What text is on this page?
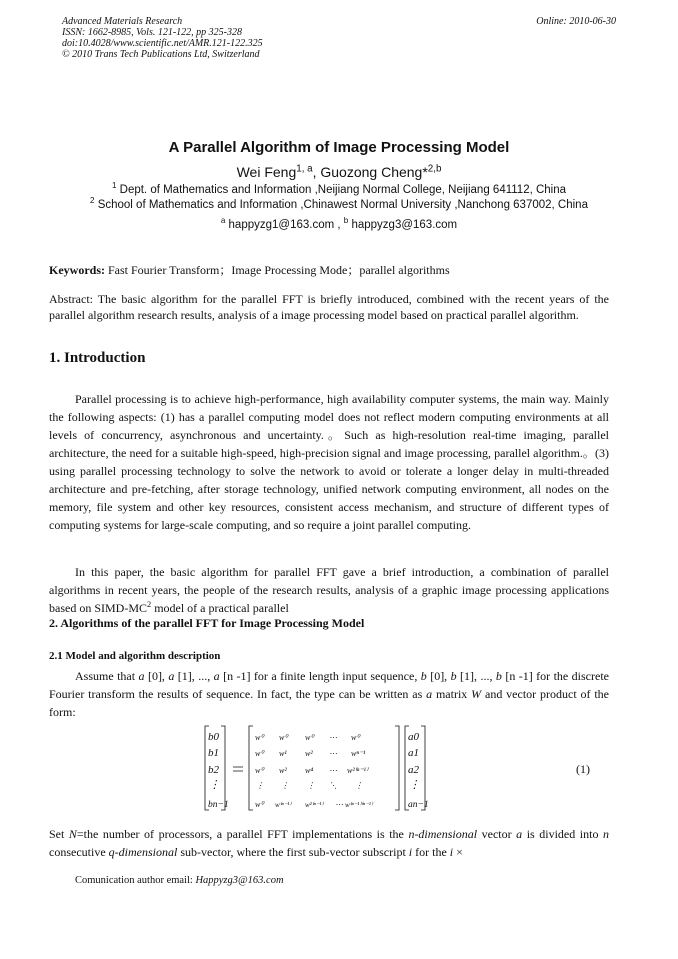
Advanced Materials Research
ISSN: 1662-8985, Vols. 121-122, pp 325-328
doi:10.4028/www.scientific.net/AMR.121-122.325
© 2010 Trans Tech Publications Ltd, Switzerland
Online: 2010-06-30
A Parallel Algorithm of Image Processing Model
Wei Feng$^{1, a}$, Guozong Cheng*$^{2,b}$
$^1$ Dept. of Mathematics and Information ,Neijiang Normal College, Neijiang 641112, China
$^2$ School of Mathematics and Information ,Chinawest Normal University ,Nanchong 637002, China
$^a$ happyzg1@163.com , $^b$ happyzg3@163.com
Keywords: Fast Fourier Transform；Image Processing Mode；parallel algorithms
Abstract: The basic algorithm for the parallel FFT is briefly introduced, combined with the recent years of the parallel algorithm research results, analysis of a image processing model based on practical parallel algorithm.
1. Introduction
Parallel processing is to achieve high-performance, high availability computer systems, the main way. Mainly the following aspects: (1) has a parallel computing model does not reflect modern computing environments at all levels of concurrency, asynchronous and uncertainty.。Such as high-resolution real-time imaging, parallel architecture, the need for a suitable high-speed, high-precision signal and image processing, parallel algorithm.。(3) using parallel processing technology to solve the network to avoid or tolerate a longer delay in multi-threaded architecture and pre-fetching, after storage technology, unified network computing environment, all nodes on the memory, file system and other key resources, consistent access mechanism, and structure of different types of computing systems for large-scale computing, and so require a joint parallel computing.
In this paper, the basic algorithm for parallel FFT gave a brief introduction, a combination of parallel algorithms in recent years, the people of the research results, analysis of a graphic image processing applications based on SIMD-$MC^2$ model of a practical parallel
2. Algorithms of the parallel FFT for Image Processing Model
2.1 Model and algorithm description
Assume that a [0], a [1], ..., a [n -1] for a finite length input sequence, b [0], b [1], ..., b [n -1] for the discrete Fourier transform the results of sequence. In fact, the type can be written as a matrix W and vector product of the form:
b0
b1
b2
⋮
bn−1
w⁰ w⁰ w⁰ ⋯ w⁰
w⁰ w¹ w² ⋯ wⁿ⁻¹
w⁰ w² w⁴ ⋯ w²⁽ⁿ⁻¹⁾
⋮ ⋮ ⋮ ⋱ ⋮
w⁰ w⁽ⁿ⁻¹⁾ w²⁽ⁿ⁻¹⁾ ⋯ w⁽ⁿ⁻¹⁾⁽ⁿ⁻¹⁾
a0
a1
a2
⋮
an−1
(1)
Set N=the number of processors, a parallel FFT implementations is the n-dimensional vector a is divided into n consecutive q-dimensional sub-vector, where the first sub-vector subscript i for the i ×
Comunication author email: Happyzg3@163.com
